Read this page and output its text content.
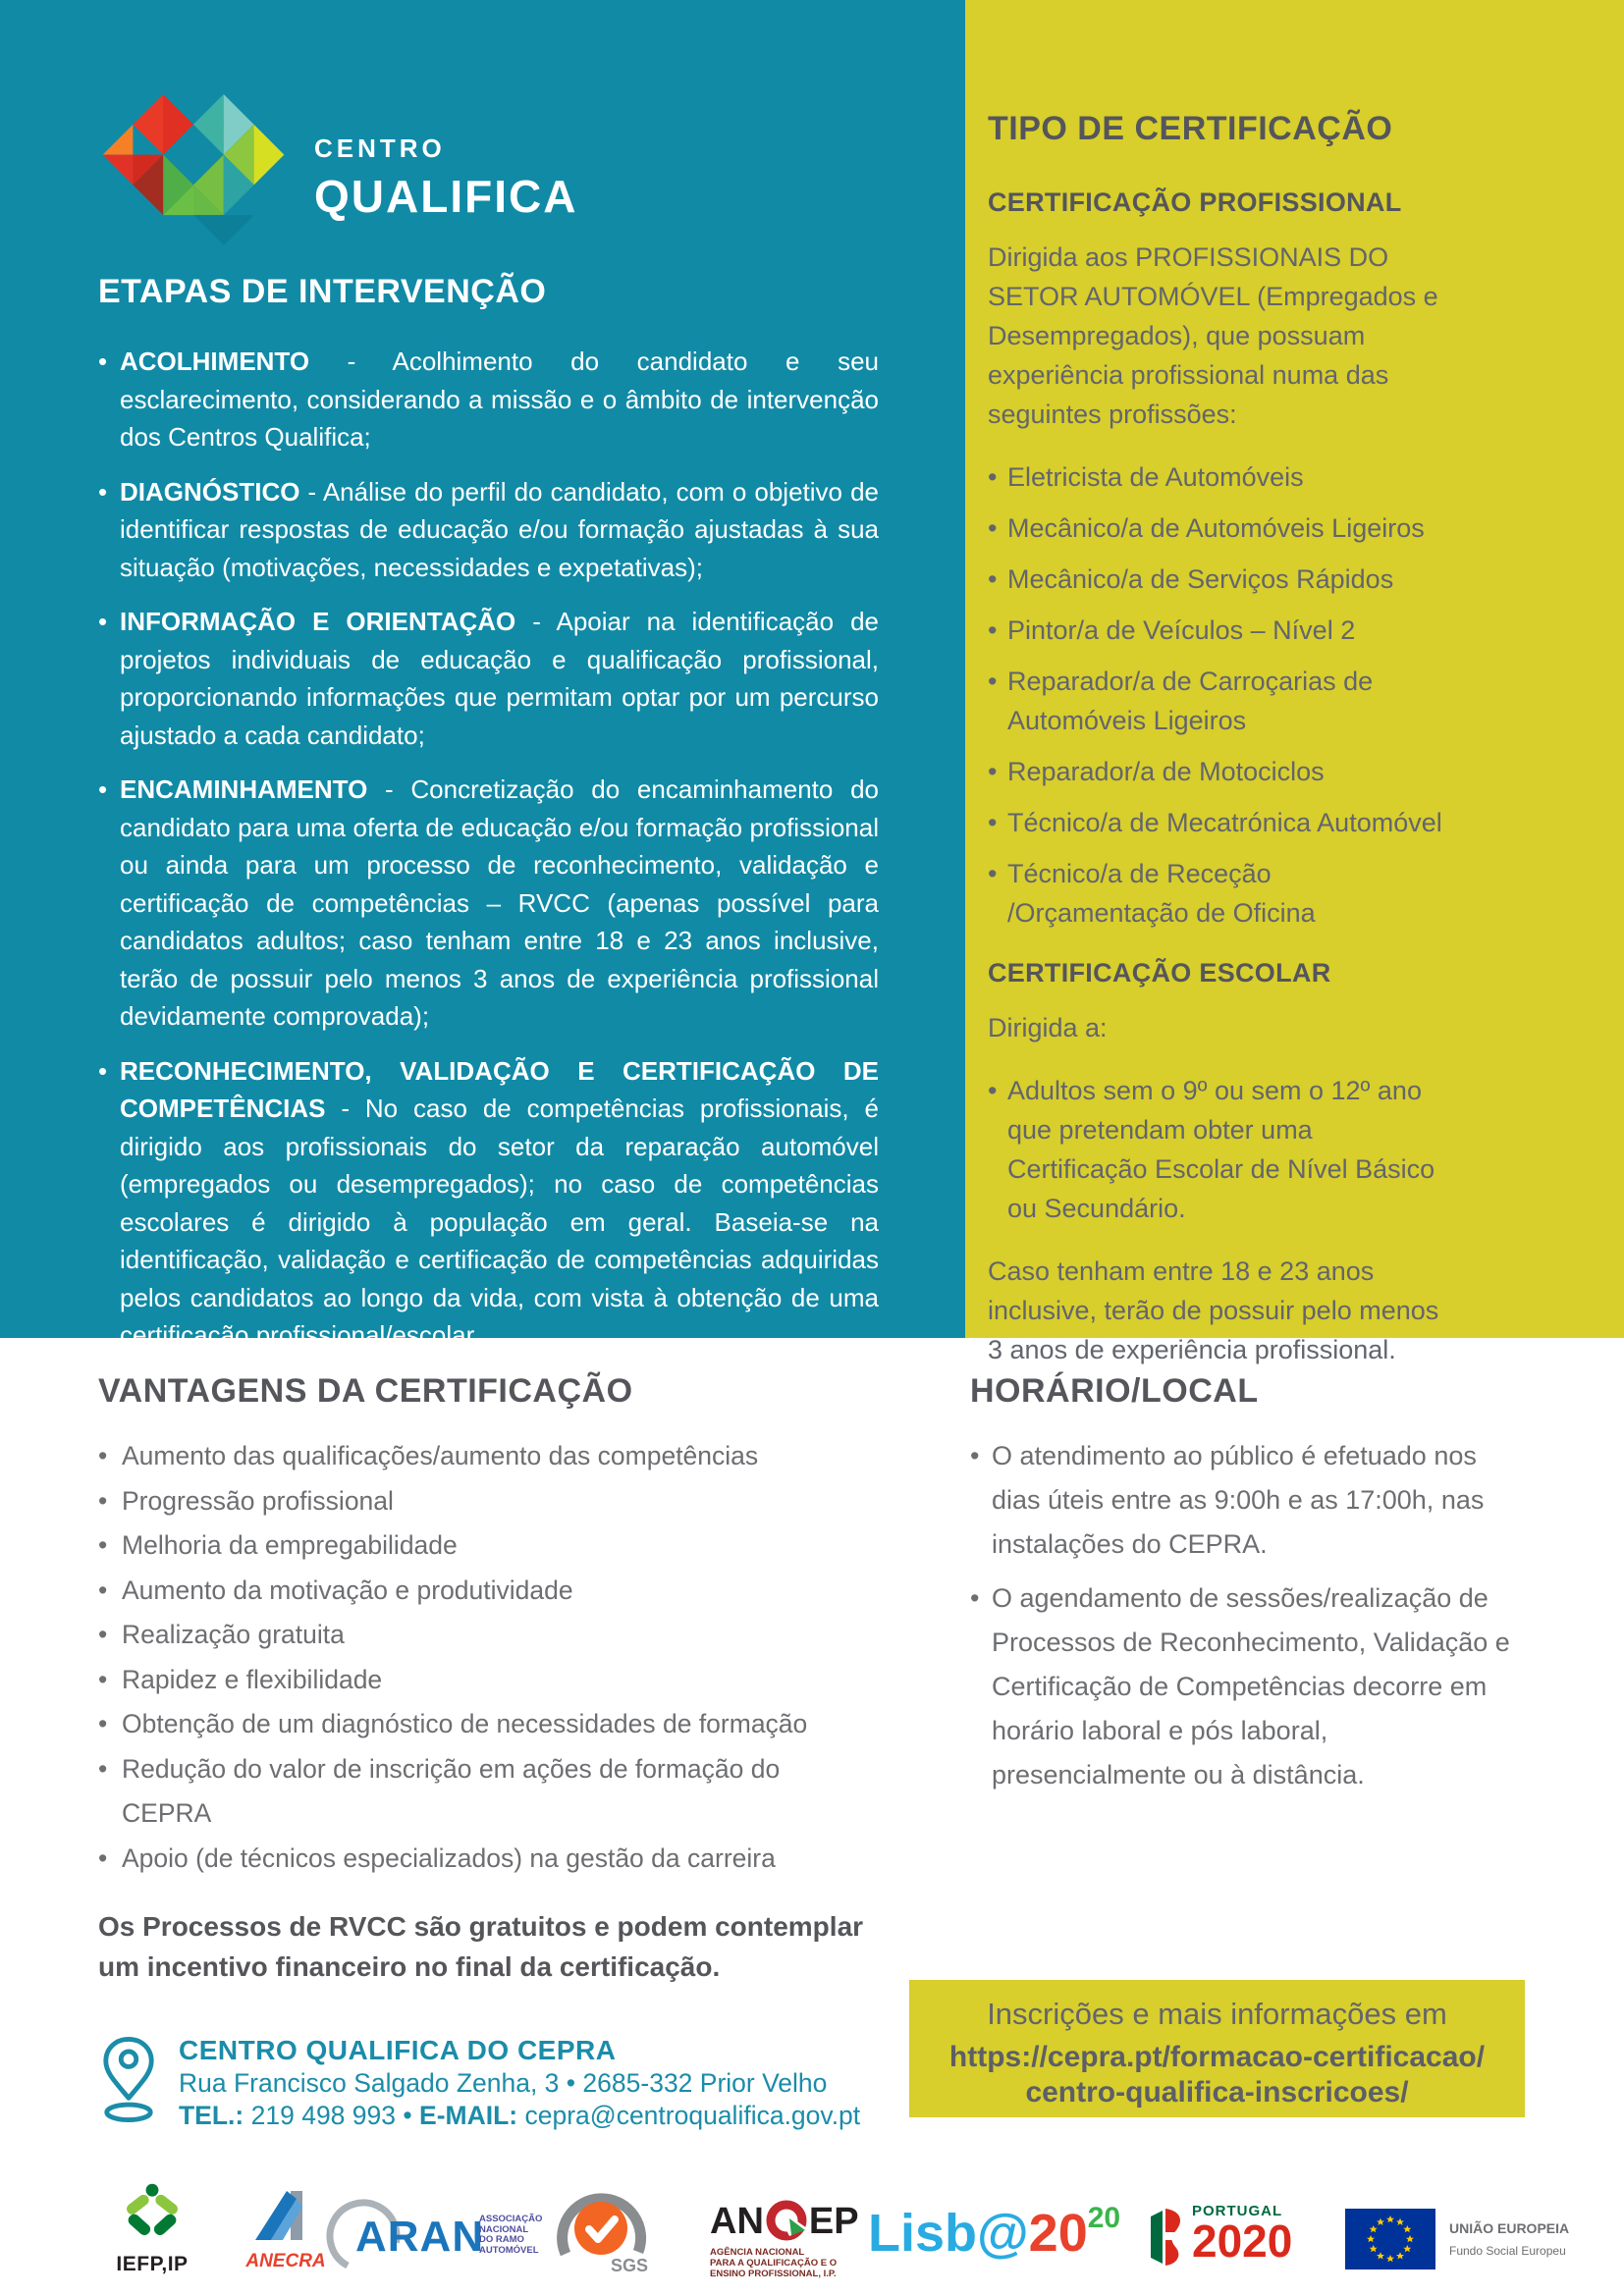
CENTRO
QUALIFICA
ETAPAS DE INTERVENÇÃO
• ACOLHIMENTO - Acolhimento do candidato e seu esclarecimento, considerando a missão e o âmbito de intervenção dos Centros Qualifica;
• DIAGNÓSTICO - Análise do perfil do candidato, com o objetivo de identificar respostas de educação e/ou formação ajustadas à sua situação (motivações, necessidades e expetativas);
• INFORMAÇÃO E ORIENTAÇÃO - Apoiar na identificação de projetos individuais de educação e qualificação profissional, proporcionando informações que permitam optar por um percurso ajustado a cada candidato;
• ENCAMINHAMENTO - Concretização do encaminhamento do candidato para uma oferta de educação e/ou formação profissional ou ainda para um processo de reconhecimento, validação e certificação de competências – RVCC (apenas possível para candidatos adultos; caso tenham entre 18 e 23 anos inclusive, terão de possuir pelo menos 3 anos de experiência profissional devidamente comprovada);
• RECONHECIMENTO, VALIDAÇÃO E CERTIFICAÇÃO DE COMPETÊNCIAS - No caso de competências profissionais, é dirigido aos profissionais do setor da reparação automóvel (empregados ou desempregados); no caso de competências escolares é dirigido à população em geral. Baseia-se na identificação, validação e certificação de competências adquiridas pelos candidatos ao longo da vida, com vista à obtenção de uma certificação profissional/escolar.
TIPO DE CERTIFICAÇÃO
CERTIFICAÇÃO PROFISSIONAL

Dirigida aos PROFISSIONAIS DO SETOR AUTOMÓVEL (Empregados e Desempregados), que possuam experiência profissional numa das seguintes profissões:

• Eletricista de Automóveis
• Mecânico/a de Automóveis Ligeiros
• Mecânico/a de Serviços Rápidos
• Pintor/a de Veículos – Nível 2
• Reparador/a de Carroçarias de Automóveis Ligeiros
• Reparador/a de Motociclos
• Técnico/a de Mecatrónica Automóvel
• Técnico/a de Receção /Orçamentação de Oficina
CERTIFICAÇÃO ESCOLAR

Dirigida a:

• Adultos sem o 9º ou sem o 12º ano que pretendam obter uma Certificação Escolar de Nível Básico ou Secundário.

Caso tenham entre 18 e 23 anos inclusive, terão de possuir pelo menos 3 anos de experiência profissional.

VANTAGENS DA CERTIFICAÇÃO
• Aumento das qualificações/aumento das competências
• Progressão profissional
• Melhoria da empregabilidade
• Aumento da motivação e produtividade
• Realização gratuita
• Rapidez e flexibilidade
• Obtenção de um diagnóstico de necessidades de formação
• Redução do valor de inscrição em ações de formação do CEPRA
• Apoio (de técnicos especializados) na gestão da carreira
HORÁRIO/LOCAL
• O atendimento ao público é efetuado nos dias úteis entre as 9:00h e as 17:00h, nas instalações do CEPRA.
• O agendamento de sessões/realização de Processos de Reconhecimento, Validação e Certificação de Competências decorre em horário laboral e pós laboral, presencialmente ou à distância.
Os Processos de RVCC são gratuitos e podem contemplar um incentivo financeiro no final da certificação.
CENTRO QUALIFICA DO CEPRA
Rua Francisco Salgado Zenha, 3 • 2685-332 Prior Velho
TEL.: 219 498 993 • E-MAIL: cepra@centroqualifica.gov.pt
Inscrições e mais informações em
https://cepra.pt/formacao-certificacao/
centro-qualifica-inscricoes/
IEFP,IP	ANECRA
ARAN
ASSOCIAÇÃO
NACIONAL
DO RAMO
AUTOMÓVEL
SGS
AN EP
AGÊNCIA NACIONAL
PARA A QUALIFICAÇÃO E O
ENSINO PROFISSIONAL, I.P.
Lisb@2020	PORTUGAL
2020	UNIÃO EUROPEIA
Fundo Social Europeu
